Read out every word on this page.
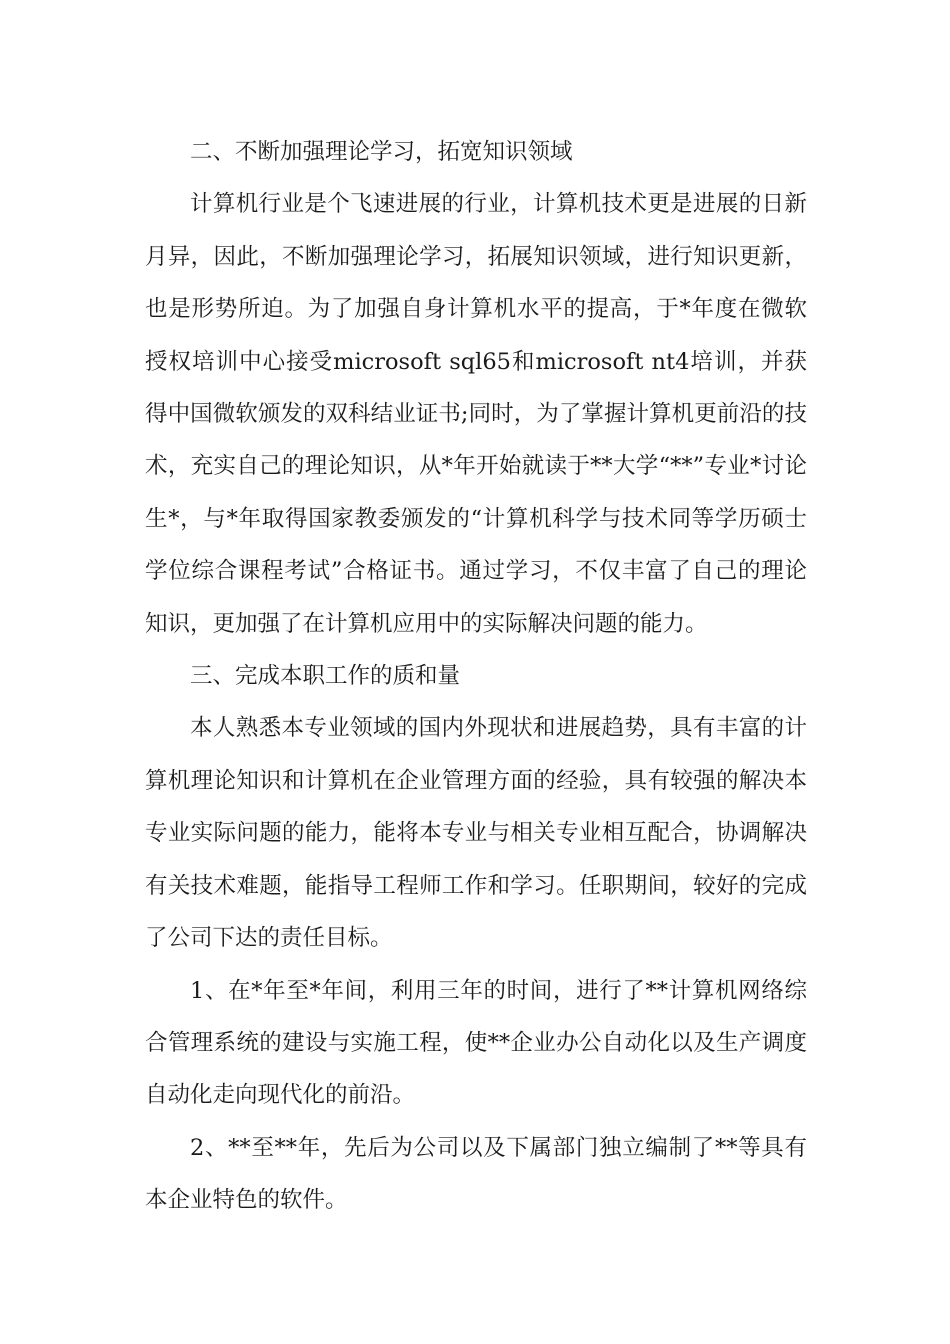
二、不断加强理论学习，拓宽知识领域

计算机行业是个飞速进展的行业，计算机技术更是进展的日新月异，因此，不断加强理论学习，拓展知识领域，进行知识更新，也是形势所迫。为了加强自身计算机水平的提高，于*年度在微软授权培训中心接受microsoft sql65和microsoft nt4培训，并获得中国微软颁发的双科结业证书;同时，为了掌握计算机更前沿的技术，充实自己的理论知识，从*年开始就读于**大学“**”专业*讨论生*，与*年取得国家教委颁发的“计算机科学与技术同等学历硕士学位综合课程考试”合格证书。通过学习，不仅丰富了自己的理论知识，更加强了在计算机应用中的实际解决问题的能力。

三、完成本职工作的质和量

本人熟悉本专业领域的国内外现状和进展趋势，具有丰富的计算机理论知识和计算机在企业管理方面的经验，具有较强的解决本专业实际问题的能力，能将本专业与相关专业相互配合，协调解决有关技术难题，能指导工程师工作和学习。任职期间，较好的完成了公司下达的责任目标。

1、在*年至*年间，利用三年的时间，进行了**计算机网络综合管理系统的建设与实施工程，使**企业办公自动化以及生产调度自动化走向现代化的前沿。

2、**至**年，先后为公司以及下属部门独立编制了**等具有本企业特色的软件。
